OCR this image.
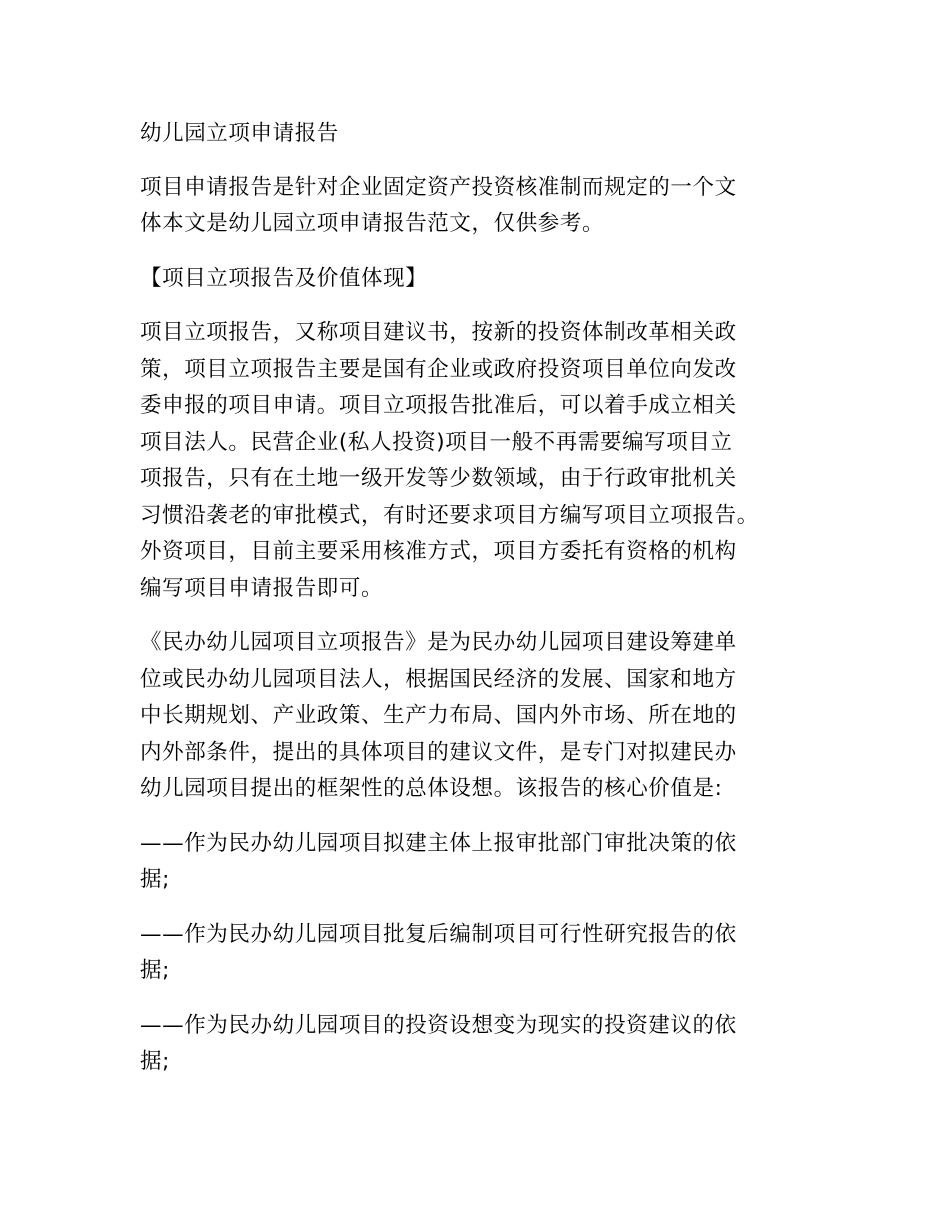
幼儿园立项申请报告

项目申请报告是针对企业固定资产投资核准制而规定的一个文
体本文是幼儿园立项申请报告范文，仅供参考。

【项目立项报告及价值体现】

项目立项报告，又称项目建议书，按新的投资体制改革相关政
策，项目立项报告主要是国有企业或政府投资项目单位向发改
委申报的项目申请。项目立项报告批准后，可以着手成立相关
项目法人。民营企业(私人投资)项目一般不再需要编写项目立
项报告，只有在土地一级开发等少数领域，由于行政审批机关
习惯沿袭老的审批模式，有时还要求项目方编写项目立项报告。
外资项目，目前主要采用核准方式，项目方委托有资格的机构
编写项目申请报告即可。

《民办幼儿园项目立项报告》是为民办幼儿园项目建设筹建单
位或民办幼儿园项目法人，根据国民经济的发展、国家和地方
中长期规划、产业政策、生产力布局、国内外市场、所在地的
内外部条件，提出的具体项目的建议文件，是专门对拟建民办
幼儿园项目提出的框架性的总体设想。该报告的核心价值是:

——作为民办幼儿园项目拟建主体上报审批部门审批决策的依
据;

——作为民办幼儿园项目批复后编制项目可行性研究报告的依
据;

——作为民办幼儿园项目的投资设想变为现实的投资建议的依
据;
